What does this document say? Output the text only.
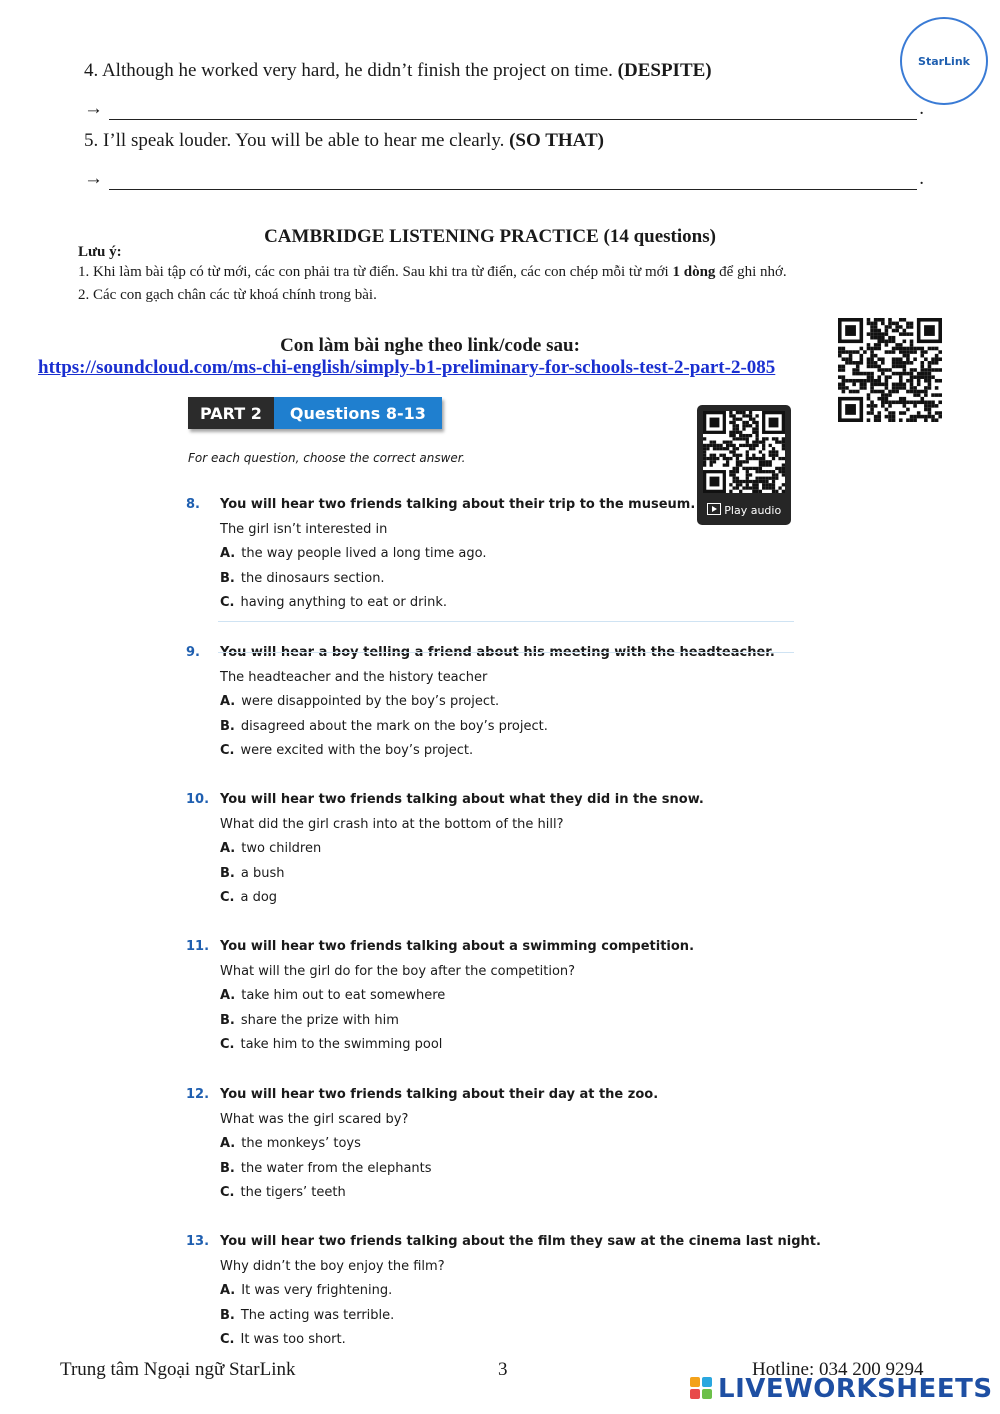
StarLink
4. Although he worked very hard, he didn’t finish the project on time. (DESPITE)
→	.
5. I’ll speak louder. You will be able to hear me clearly. (SO THAT)
→	.
CAMBRIDGE LISTENING PRACTICE (14 questions)
Lưu ý:
1. Khi làm bài tập có từ mới, các con phải tra từ điển. Sau khi tra từ điển, các con chép mỗi từ mới 1 dòng để ghi nhớ.
2. Các con gạch chân các từ khoá chính trong bài.
Con làm bài nghe theo link/code sau:
https://soundcloud.com/ms-chi-english/simply-b1-preliminary-for-schools-test-2-part-2-085
PART 2	Questions 8-13
For each question, choose the correct answer.
Play audio
8. You will hear two friends talking about their trip to the museum.
The girl isn’t interested in
A. the way people lived a long time ago.
B. the dinosaurs section.
C. having anything to eat or drink.
9. You will hear a boy telling a friend about his meeting with the headteacher.
The headteacher and the history teacher
A. were disappointed by the boy’s project.
B. disagreed about the mark on the boy’s project.
C. were excited with the boy’s project.
10. You will hear two friends talking about what they did in the snow.
What did the girl crash into at the bottom of the hill?
A. two children
B. a bush
C. a dog
11. You will hear two friends talking about a swimming competition.
What will the girl do for the boy after the competition?
A. take him out to eat somewhere
B. share the prize with him
C. take him to the swimming pool
12. You will hear two friends talking about their day at the zoo.
What was the girl scared by?
A. the monkeys’ toys
B. the water from the elephants
C. the tigers’ teeth
13. You will hear two friends talking about the film they saw at the cinema last night.
Why didn’t the boy enjoy the film?
A. It was very frightening.
B. The acting was terrible.
C. It was too short.
Trung tâm Ngoại ngữ StarLink	3	Hotline: 034 200 9294
LIVEWORKSHEETS
